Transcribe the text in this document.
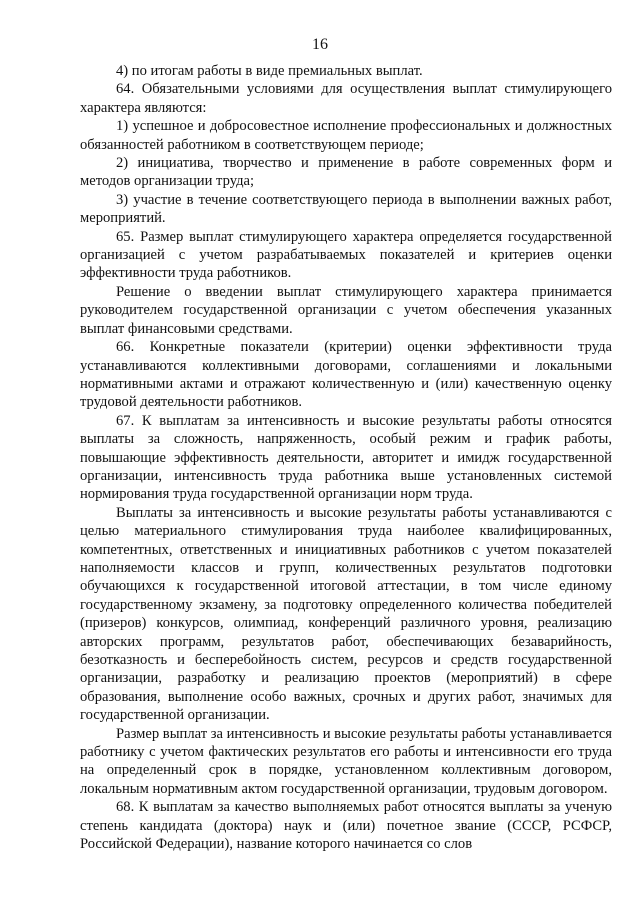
16

4) по итогам работы в виде премиальных выплат.

64. Обязательными условиями для осуществления выплат стимулирующего характера являются:

1) успешное и добросовестное исполнение профессиональных и должностных обязанностей работником в соответствующем периоде;

2) инициатива, творчество и применение в работе современных форм и методов организации труда;

3) участие в течение соответствующего периода в выполнении важных работ, мероприятий.

65. Размер выплат стимулирующего характера определяется государственной организацией с учетом разрабатываемых показателей и критериев оценки эффективности труда работников.

Решение о введении выплат стимулирующего характера принимается руководителем государственной организации с учетом обеспечения указанных выплат финансовыми средствами.

66. Конкретные показатели (критерии) оценки эффективности труда устанавливаются коллективными договорами, соглашениями и локальными нормативными актами и отражают количественную и (или) качественную оценку трудовой деятельности работников.

67. К выплатам за интенсивность и высокие результаты работы относятся выплаты за сложность, напряженность, особый режим и график работы, повышающие эффективность деятельности, авторитет и имидж государственной организации, интенсивность труда работника выше установленных системой нормирования труда государственной организации норм труда.

Выплаты за интенсивность и высокие результаты работы устанавливаются с целью материального стимулирования труда наиболее квалифицированных, компетентных, ответственных и инициативных работников с учетом показателей наполняемости классов и групп, количественных результатов подготовки обучающихся к государственной итоговой аттестации, в том числе единому государственному экзамену, за подготовку определенного количества победителей (призеров) конкурсов, олимпиад, конференций различного уровня, реализацию авторских программ, результатов работ, обеспечивающих безаварийность, безотказность и бесперебойность систем, ресурсов и средств государственной организации, разработку и реализацию проектов (мероприятий) в сфере образования, выполнение особо важных, срочных и других работ, значимых для государственной организации.

Размер выплат за интенсивность и высокие результаты работы устанавливается работнику с учетом фактических результатов его работы и интенсивности его труда на определенный срок в порядке, установленном коллективным договором, локальным нормативным актом государственной организации, трудовым договором.

68. К выплатам за качество выполняемых работ относятся выплаты за ученую степень кандидата (доктора) наук и (или) почетное звание (СССР, РСФСР, Российской Федерации), название которого начинается со слов
